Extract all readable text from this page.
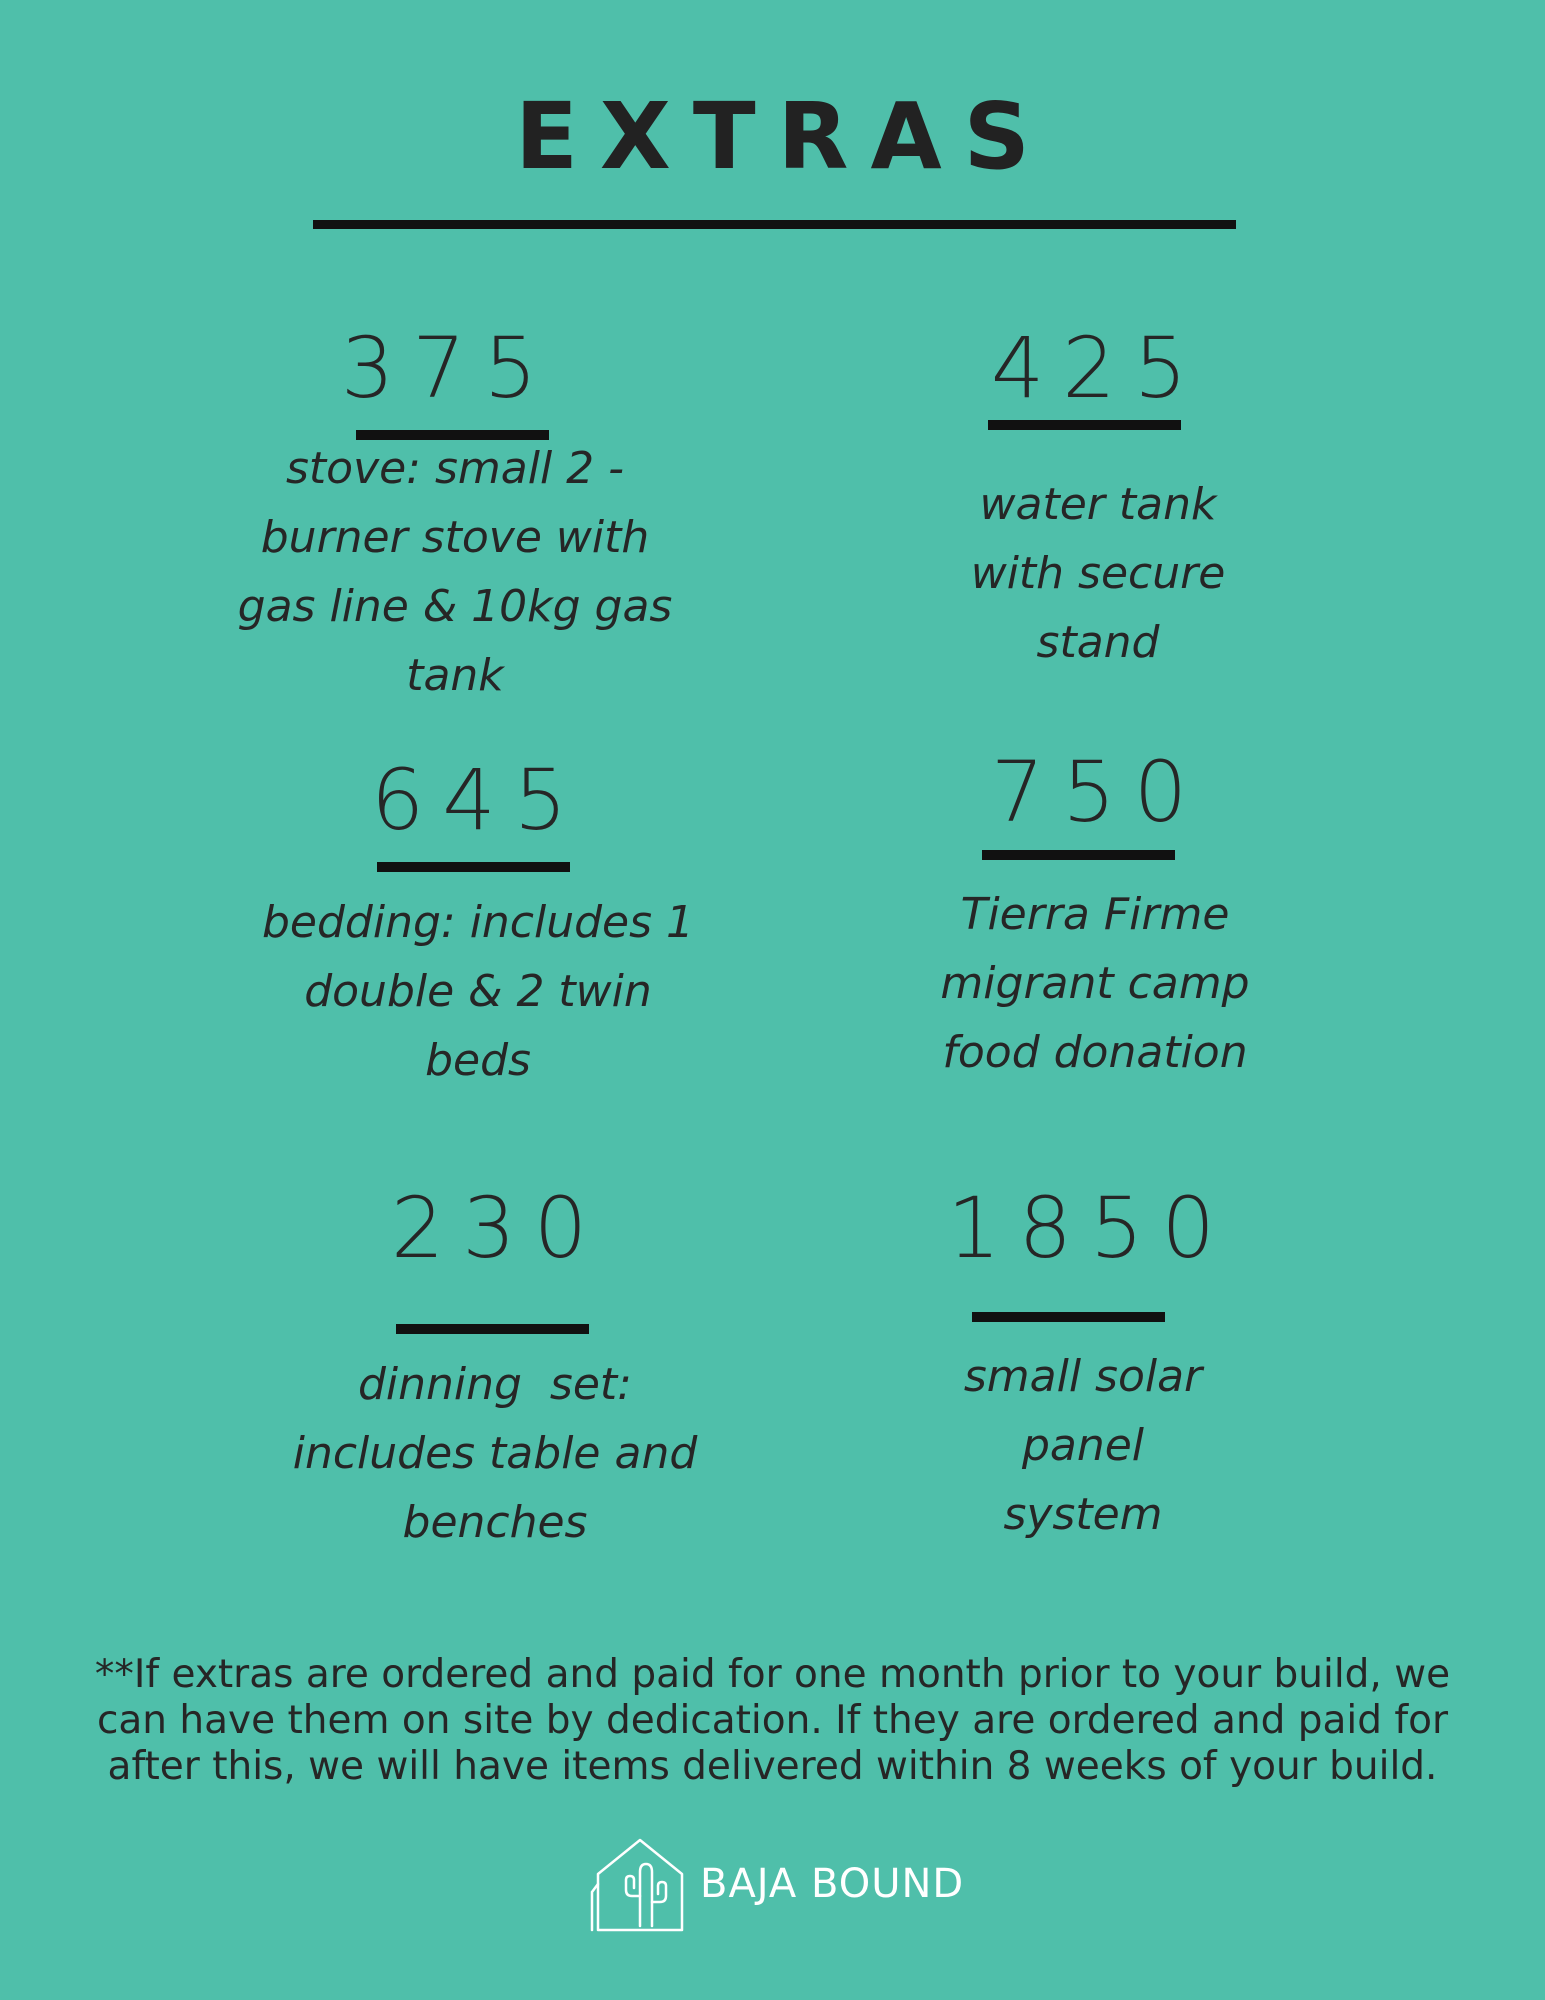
EXTRAS
375
stove: small 2 -burner stove with gas line & 10kg gas tank
425
water tank with secure stand
645
bedding: includes 1 double & 2 twin beds
750
Tierra Firme migrant camp food donation
230
dinning  set: includes table and benches
1850
small solar panel system
**If extras are ordered and paid for one month prior to your build, we can have them on site by dedication. If they are ordered and paid for after this, we will have items delivered within 8 weeks of your build.
BAJA BOUND
